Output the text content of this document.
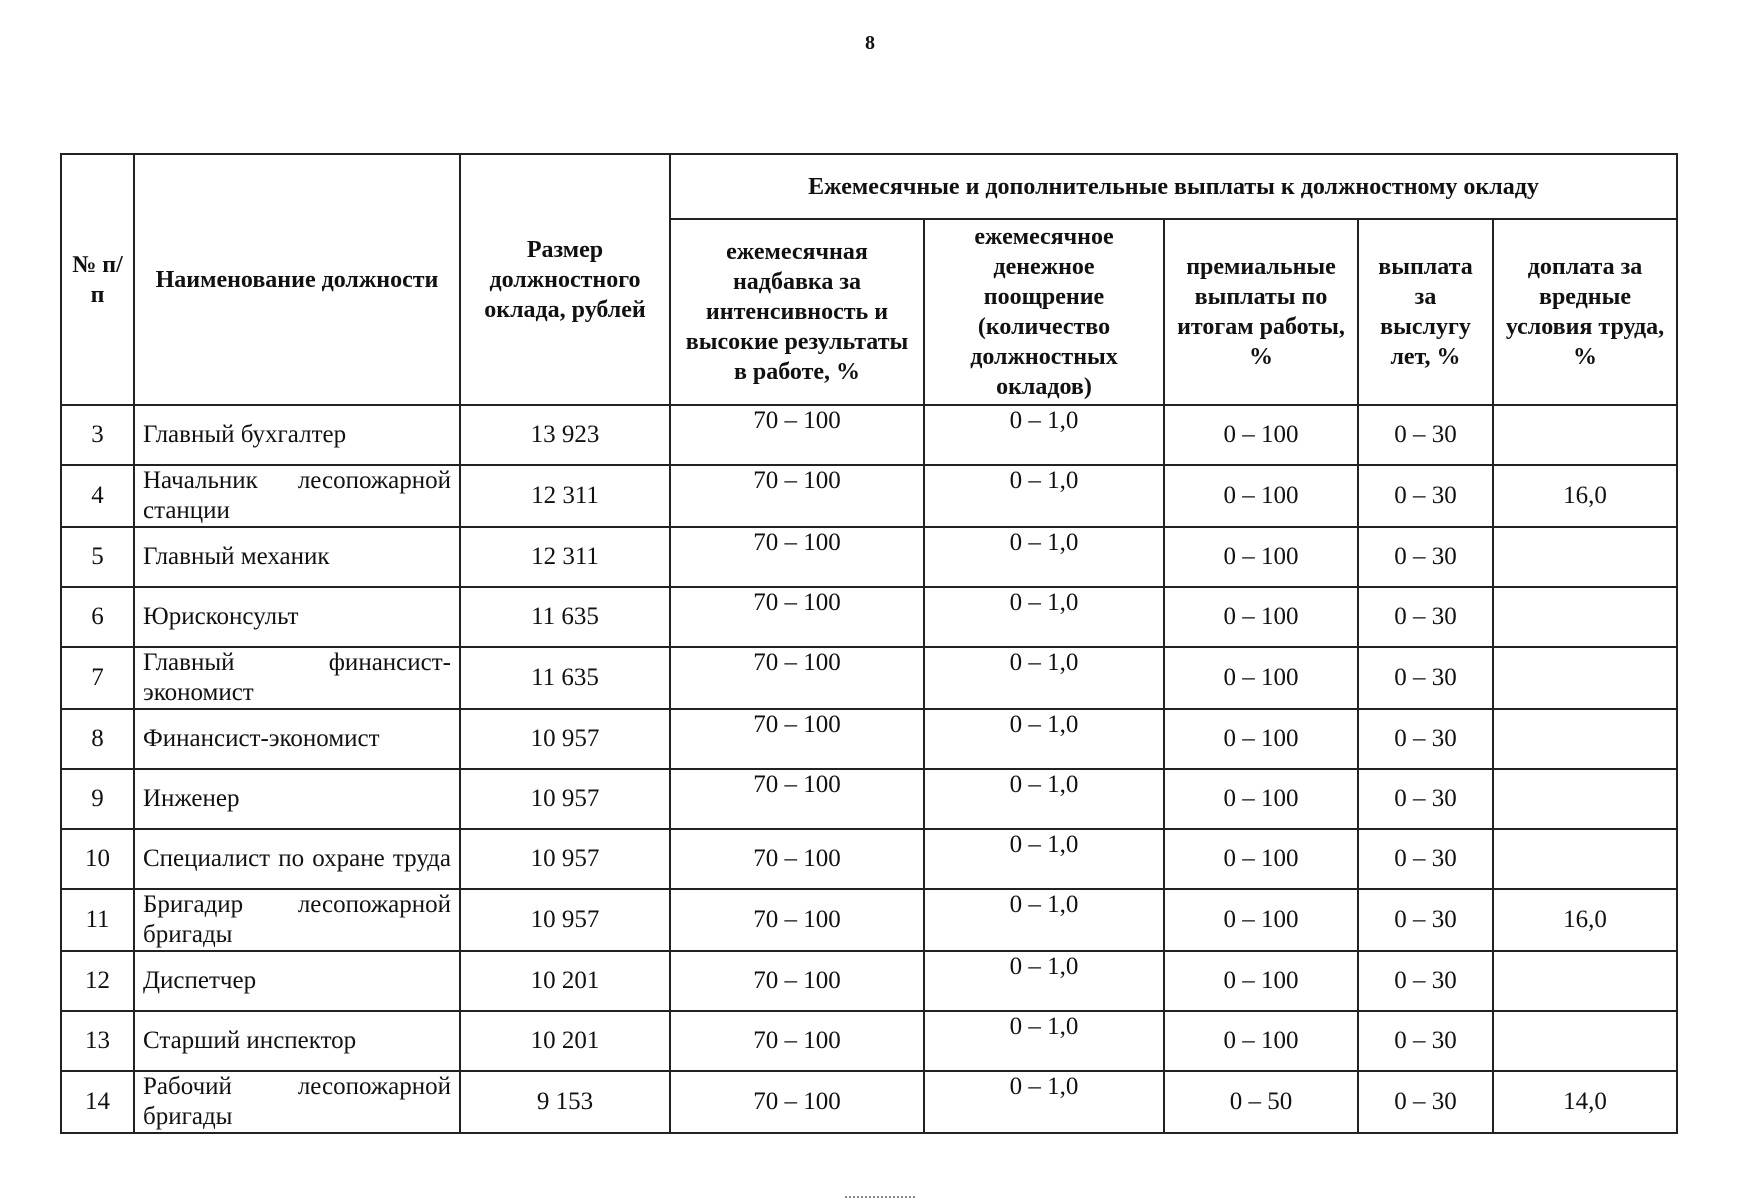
8
№ п/п	Наименование должности	Размер должностного оклада, рублей	Ежемесячные и дополнительные выплаты к должностному окладу				
			ежемесячная надбавка за интенсивность и высокие результаты в работе, %	ежемесячное денежное поощрение (количество должностных окладов)	премиальные выплаты по итогам работы, %	выплата за выслугу лет, %	доплата за вредные условия труда, %
3	Главный бухгалтер	13 923	70 – 100	0 – 1,0	0 – 100	0 – 30	
4	Начальник лесопожарной станции	12 311	70 – 100	0 – 1,0	0 – 100	0 – 30	16,0
5	Главный механик	12 311	70 – 100	0 – 1,0	0 – 100	0 – 30	
6	Юрисконсульт	11 635	70 – 100	0 – 1,0	0 – 100	0 – 30	
7	Главный финансист-экономист	11 635	70 – 100	0 – 1,0	0 – 100	0 – 30	
8	Финансист-экономист	10 957	70 – 100	0 – 1,0	0 – 100	0 – 30	
9	Инженер	10 957	70 – 100	0 – 1,0	0 – 100	0 – 30	
10	Специалист по охране труда	10 957	70 – 100	0 – 1,0	0 – 100	0 – 30	
11	Бригадир лесопожарной бригады	10 957	70 – 100	0 – 1,0	0 – 100	0 – 30	16,0
12	Диспетчер	10 201	70 – 100	0 – 1,0	0 – 100	0 – 30	
13	Старший инспектор	10 201	70 – 100	0 – 1,0	0 – 100	0 – 30	
14	Рабочий лесопожарной бригады	9 153	70 – 100	0 – 1,0	0 – 50	0 – 30	14,0
